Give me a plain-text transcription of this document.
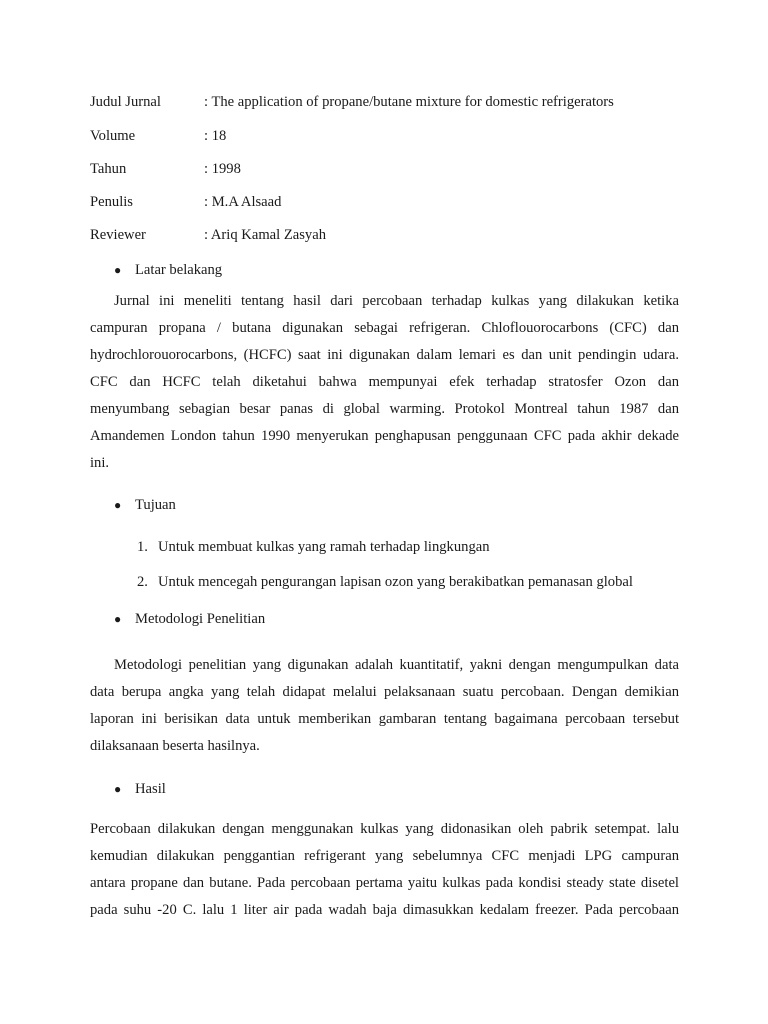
Judul Jurnal	: The application of propane/butane mixture for domestic refrigerators
Volume	: 18
Tahun	: 1998
Penulis	: M.A Alsaad
Reviewer	: Ariq Kamal Zasyah
● Latar belakang
Jurnal ini meneliti tentang hasil dari percobaan terhadap kulkas yang dilakukan ketika
campuran propana / butana digunakan sebagai refrigeran. Chloflouorocarbons (CFC) dan
hydrochlorouorocarbons, (HCFC) saat ini digunakan dalam lemari es dan unit pendingin udara.
CFC dan HCFC telah diketahui bahwa mempunyai efek terhadap stratosfer Ozon dan
menyumbang sebagian besar panas di global warming. Protokol Montreal tahun 1987 dan
Amandemen London tahun 1990 menyerukan penghapusan penggunaan CFC pada akhir dekade
ini.
● Tujuan
1. Untuk membuat kulkas yang ramah terhadap lingkungan
2. Untuk mencegah pengurangan lapisan ozon yang berakibatkan pemanasan global
● Metodologi Penelitian
Metodologi penelitian yang digunakan adalah kuantitatif, yakni dengan mengumpulkan data
data berupa angka yang telah didapat melalui pelaksanaan suatu percobaan. Dengan demikian
laporan ini berisikan data untuk memberikan gambaran tentang bagaimana percobaan tersebut
dilaksanaan beserta hasilnya.
● Hasil
Percobaan dilakukan dengan menggunakan kulkas yang didonasikan oleh pabrik setempat. lalu
kemudian dilakukan penggantian refrigerant yang sebelumnya CFC menjadi LPG campuran
antara propane dan butane. Pada percobaan pertama yaitu kulkas pada kondisi steady state disetel
pada suhu -20 C. lalu 1 liter air pada wadah baja dimasukkan kedalam freezer. Pada percobaan
